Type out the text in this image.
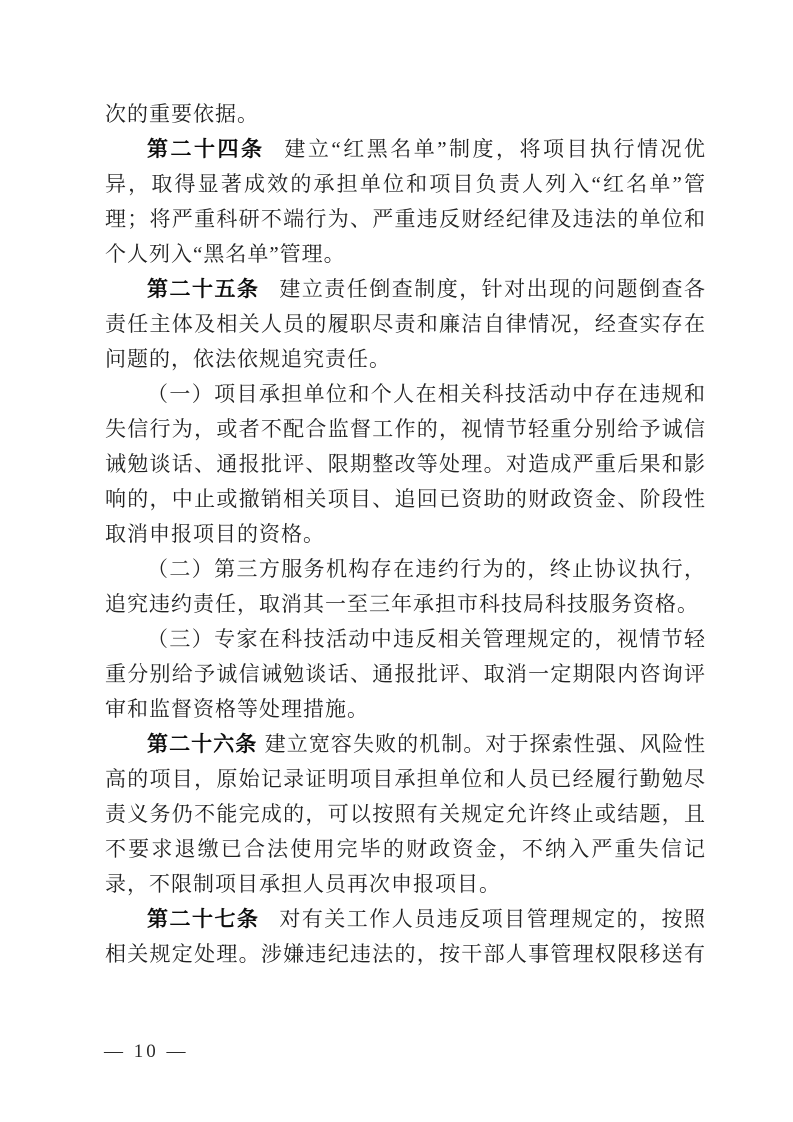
次的重要依据。

第二十四条 建立“红黑名单”制度，将项目执行情况优异，取得显著成效的承担单位和项目负责人列入“红名单”管理；将严重科研不端行为、严重违反财经纪律及违法的单位和个人列入“黑名单”管理。

第二十五条 建立责任倒查制度，针对出现的问题倒查各责任主体及相关人员的履职尽责和廉洁自律情况，经查实存在问题的，依法依规追究责任。

（一）项目承担单位和个人在相关科技活动中存在违规和失信行为，或者不配合监督工作的，视情节轻重分别给予诚信诫勉谈话、通报批评、限期整改等处理。对造成严重后果和影响的，中止或撤销相关项目、追回已资助的财政资金、阶段性取消申报项目的资格。

（二）第三方服务机构存在违约行为的，终止协议执行，追究违约责任，取消其一至三年承担市科技局科技服务资格。

（三）专家在科技活动中违反相关管理规定的，视情节轻重分别给予诚信诫勉谈话、通报批评、取消一定期限内咨询评审和监督资格等处理措施。

第二十六条 建立宽容失败的机制。对于探索性强、风险性高的项目，原始记录证明项目承担单位和人员已经履行勤勉尽责义务仍不能完成的，可以按照有关规定允许终止或结题，且不要求退缴已合法使用完毕的财政资金，不纳入严重失信记录，不限制项目承担人员再次申报项目。

第二十七条 对有关工作人员违反项目管理规定的，按照相关规定处理。涉嫌违纪违法的，按干部人事管理权限移送有

— 10 —
